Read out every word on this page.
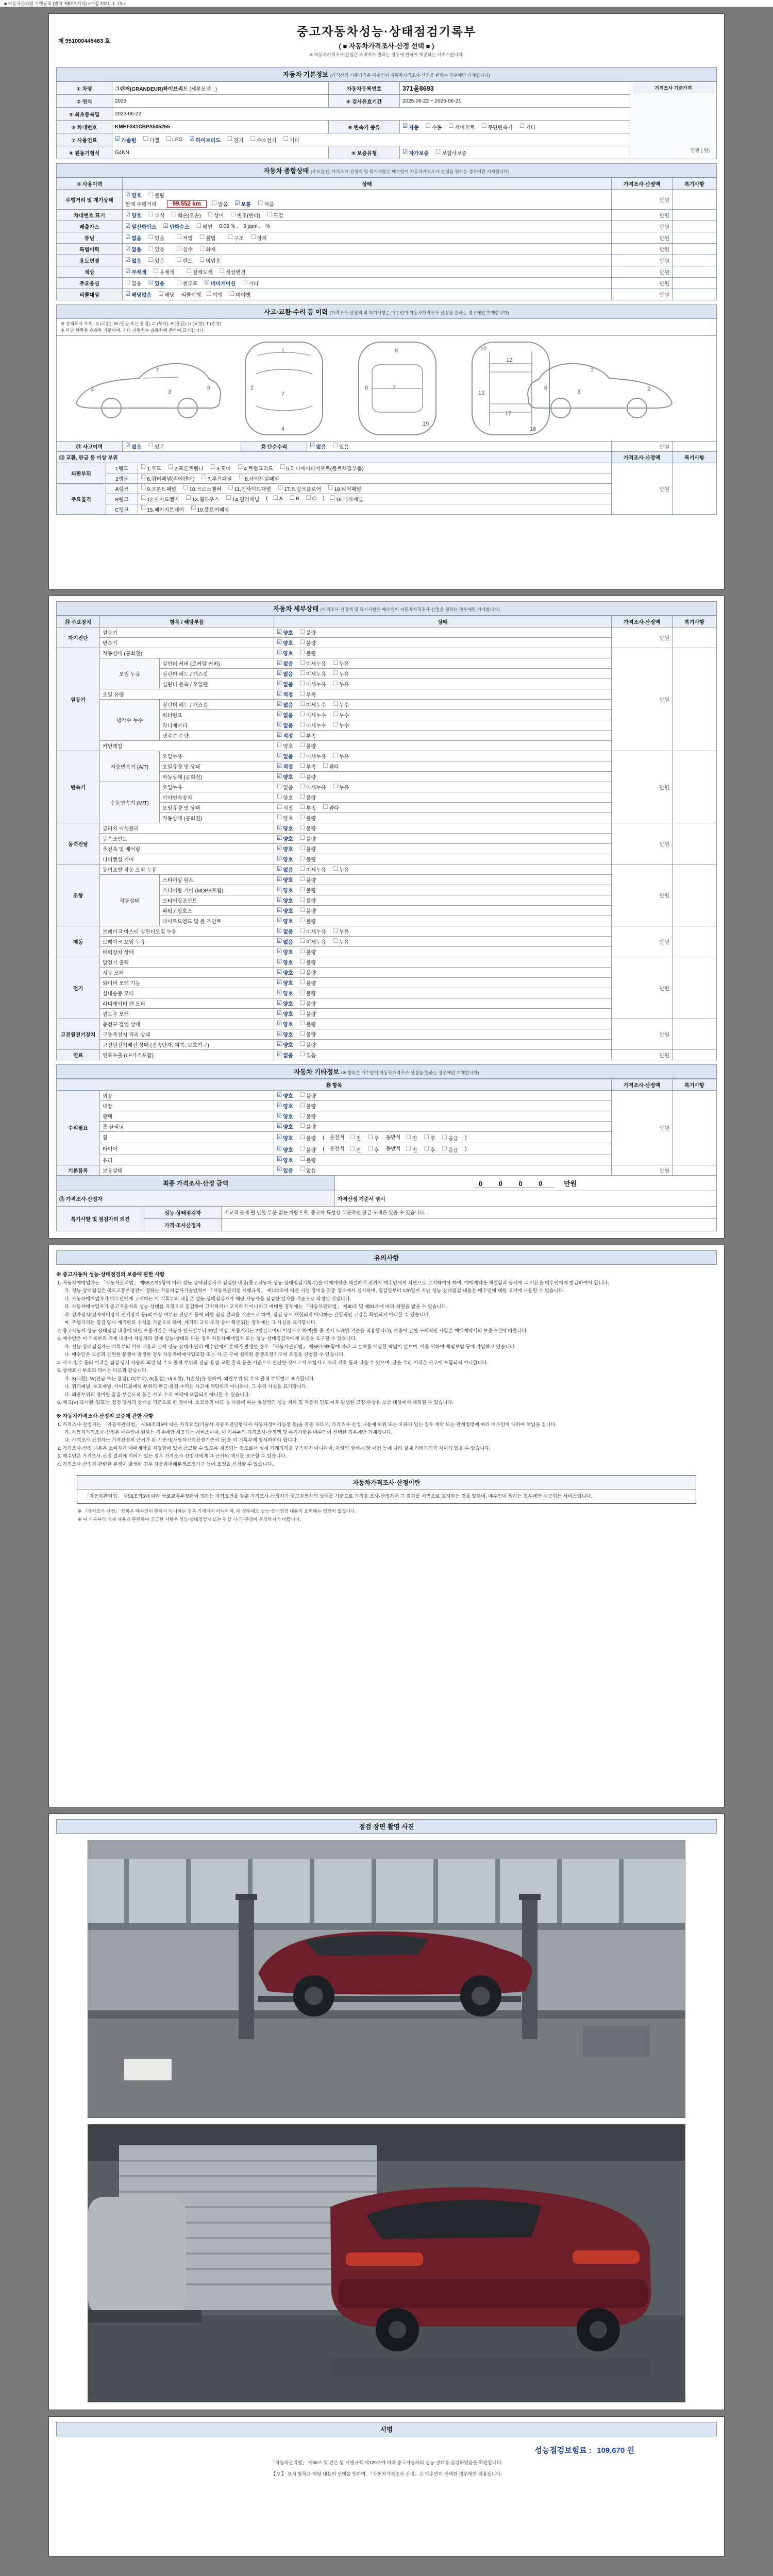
■ 자동차관리법 시행규칙 [별지 제82호서식] <개정 2021. 1. 19.>
제 951000445463 호
중고자동차성능·상태점검기록부
( ■ 자동차가격조사·산정 선택 ■ )
※ 자동차가격조사·산정은 소비자가 원하는 경우에 한하여 제공하는 서비스입니다.
자동차 기본정보 (가격산정 기준가격은 매수인이 자동차가격조사·산정을 원하는 경우에만 기재합니다)
① 차명	그랜저(GRANDEUR)하이브리드 (세부모델 : )	자동차등록번호	371울8693	가격조사 기준가격
만원 ( 원)

② 연식	2023	④ 검사유효기간	2025-06-22 ~ 2026-06-21	
③ 최초등록일	2022-06-22			
⑤ 차대번호	KMHF341CBPA505255	⑥ 변속기 종류	☑ 자동 ☐ 수동 ☐ 세미오토 ☐ 무단변속기 ☐ 기타

⑦ 사용연료	☑ 가솔린 ☐ 디젤 ☐ LPG ☑ 하이브리드 ☐ 전기 ☐ 수소전기 ☐ 기타

⑧ 원동기형식	G4NN	⑨ 보증유형	☑ 자가보증 ☐ 보험사보증	
자동차 종합상태 (주요옵션, 가격조사·산정액 및 특기사항은 매수인이 자동차가격조사·산정을 원하는 경우에만 기재합니다)
⑩ 사용이력	상태	가격조사·산정액	특기사항
주행거리 및 계기상태	
☑ 양호 ☐ 불량
현재 주행거리	99,552 km	☐ 많음 ☑ 보통 ☐ 적음
	만원	
차대번호 표기	☑ 양호 ☐ 부식 ☐ 훼손(오손) ☐ 상이 ☐ 변조(변타) ☐ 도말	만원	
배출가스	☑ 일산화탄소 ☑ 탄화수소 ☐ 매연 0.05 % , 3 ppm , %	만원	
튜닝	☑ 없음 ☐ 있음 ☐ 적법 ☐ 불법 ☐ 구조 ☐ 장치	만원	
특별이력	☑ 없음 ☐ 있음 ☐ 침수 ☐ 화재	만원	
용도변경	☑ 없음 ☐ 있음 ☐ 렌트 ☐ 영업용	만원	
색상	☑ 무채색 ☐ 유채색 ☐ 전체도색 ☐ 색상변경	만원	
주요옵션	☐ 없음 ☑ 있음 ☐ 썬루프 ☑ 네비게이션 ☐ 기타	만원	
리콜대상	☑ 해당없음 ☐ 해당 리콜이행 ☐ 이행 ☐ 미이행	만원	
사고·교환·수리 등 이력 (가격조사·산정액 및 특기사항은 매수인이 자동차가격조사·산정을 원하는 경우에만 기재합니다)
※ 상태표시 부호 : X (교환), W (판금 또는 용접), C (부식), A (흠집), U (요철), T (손상)
※ 하단 항목은 승용차 기준이며, 기타 자동차는 승용차에 준하여 표시합니다.
2
7
3
6
1
2
7
4
9
8	7
19
10
12
13
17
18
2
7
3
6
⑪ 사고이력	☑ 없음 ☐ 있음	⑫ 단순수리	☑ 없음 ☐ 있음	만원	
⑬ 교환, 판금 등 이상 부위			가격조사·산정액	특기사항
외판부위	1랭크	☐ 1.후드 ☐ 2.프론트펜더 ☐ 3.도어 ☐ 4.트렁크리드 ☐ 5.라디에이터서포트(볼트체결부품)
	만원	
2랭크	☐ 6.쿼터패널(리어펜더) ☐ 7.루프패널 ☐ 8.사이드실패널

주요골격	A랭크	☐ 9.프론트패널 ☐ 10.크로스멤버 ☐ 11.인사이드패널 ☐ 17.트렁크플로어 ☐ 18.리어패널

B랭크	☐ 12.사이드멤버 ☐ 13.휠하우스 ☐ 14.필러패널 ( ☐ A ☐ B ☐ C ) ☐ 16.대쉬패널

	C랭크	☐ 15.패키지트레이 ☐ 19.플로어패널		
자동차 세부상태 (가격조사·산정액 및 특기사항은 매수인이 자동차가격조사·산정을 원하는 경우에만 기재합니다)
⑭ 주요장치	항목 / 해당부품		상태	가격조사·산정액	특기사항
자기진단	원동기		☑ 양호 ☐ 불량	만원	
	변속기		☑ 양호 ☐ 불량		

원동기	작동상태 (공회전)		☑ 양호 ☐ 불량	만원	
오일 누유	실린더 커버 (로커암 커버)	☑ 없음 ☐ 미세누유 ☐ 누유

실린더 헤드 / 개스킷	☑ 없음 ☐ 미세누유 ☐ 누유

실린더 블록 / 오일팬	☑ 없음 ☐ 미세누유 ☐ 누유

	오일 유량		☑ 적정 ☐ 부족		

냉각수 누수	실린더 헤드 / 개스킷	☑ 없음 ☐ 미세누수 ☐ 누수

워터펌프	☑ 없음 ☐ 미세누수 ☐ 누수

라디에이터	☑ 없음 ☐ 미세누수 ☐ 누수

		냉각수 수량	☑ 적정 ☐ 부족		

	커먼레일		☐ 양호 ☐ 불량		

변속기	자동변속기 (A/T)	오일누유	☑ 없음 ☐ 미세누유 ☐ 누유
	만원	
오일유량 및 상태	☑ 적정 ☐ 부족 ☐ 과다

		작동상태 (공회전)	☑ 양호 ☐ 불량		

수동변속기 (M/T)	오일누유	☐ 없음 ☐ 미세누유 ☐ 누유

		기어변속장치	☐ 양호 ☐ 불량		

오일유량 및 상태	☐ 적정 ☐ 부족 ☐ 과다

		작동상태 (공회전)	☐ 양호 ☐ 불량		

동력전달	클러치 어셈블리		☑ 양호 ☐ 불량	만원	
	등속조인트		☑ 양호 ☐ 불량		

	추진축 및 베어링		☑ 양호 ☐ 불량		

	디퍼렌셜 기어		☑ 양호 ☐ 불량		

조향	동력조향 작동 오일 누유	☑ 없음 ☐ 미세누유 ☐ 누유
	만원	
	작동상태	스티어링 펌프	☑ 양호 ☐ 불량		

		스티어링 기어 (MDPS포함)	☑ 양호 ☐ 불량		

		스티어링조인트	☑ 양호 ☐ 불량		

		파워고압호스	☑ 양호 ☐ 불량		

		타이로드엔드 및 볼 조인트	☑ 양호 ☐ 불량		

제동	브레이크 마스터 실린더오일 누유	☑ 없음 ☐ 미세누유 ☐ 누유
	만원	
브레이크 오일 누유	☑ 없음 ☐ 미세누유 ☐ 누유

	배력장치 상태		☑ 양호 ☐ 불량		

전기	발전기 출력		☑ 양호 ☐ 불량	만원	
	시동 모터		☑ 양호 ☐ 불량		

	와이퍼 모터 기능		☑ 양호 ☐ 불량		

	실내송풍 모터		☑ 양호 ☐ 불량		

	라디에이터 팬 모터		☑ 양호 ☐ 불량		

	윈도우 모터		☑ 양호 ☐ 불량		

고전원전기장치	충전구 절연 상태		☑ 양호 ☐ 불량	만원	
	구동축전지 격리 상태		☑ 양호 ☐ 불량		

	고전원전기배선 상태 (접속단자, 피복, 보호기구)		☑ 양호 ☐ 불량		

연료	연료누출 (LP가스포함)		☑ 없음 ☐ 있음	만원	
자동차 기타정보 (※ 항목은 매수인이 자동차가격조사·산정을 원하는 경우에만 기재합니다)
⑮ 항목			가격조사·산정액	특기사항
수리필요	외장	☑ 양호 ☐ 불량	만원	
	내장	☑ 양호 ☐ 불량		

	광택	☑ 양호 ☐ 불량		

	룸 클리닝	☑ 양호 ☐ 불량		

휠	☑ 양호 ☐ 불량 ( 운전석 ☐ 전 ☐ 후 동반석 ☐ 전 ☐ 후 ☐ 응급 )
타이어	☑ 양호 ☐ 불량 ( 운전석 ☐ 전 ☐ 후 동반석 ☐ 전 ☐ 후 ☐ 응급 )
	유리	☑ 양호 ☐ 불량		

기본품목	보유상태	☑ 있음 ☐ 없음	만원	
최종 가격조사·산정 금액	0 0 0 0 만원
⑯ 가격조사·산정자	가격산정 기준서 명시
특기사항 및 점검자의 의견	성능·상태점검자	비교적 문제 될 만한 부분 없는 차량으로, 중고차 특성상 부분적인 판금 도색은 있을 수 있습니다.
	가격·조사산정자	
유의사항
※ 중고자동차 성능·상태점검의 보증에 관한 사항
1. 자동차매매업자는 「자동차관리법」 제58조제1항에 따라 성능·상태점검자가 점검한 내용(중고자동차 성능·상태점검기록부)을 매매계약을 체결하기 전까지 매수인에게 서면으로 고지하여야 하며, 매매계약을 체결함과 동시에 그 사본을 매수인에게 발급하여야 합니다.
가. 성능·상태점검은 국토교통부장관이 정하는 자동차검사기술인력이 「자동차관리법 시행규칙」 제120조에 따른 시설·장비를 갖춘 장소에서 실시하며, 점검일부터 120일이 지난 성능·상태점검 내용은 매수인에 대한 고지에 사용할 수 없습니다.
나. 자동차매매업자가 매수인에게 고지하는 이 기록부의 내용은 성능·상태점검자가 해당 자동차를 점검한 일자를 기준으로 작성된 것입니다.
다. 자동차매매업자가 중고자동차의 성능·상태를 거짓으로 점검하여 고지하거나 고지하지 아니하고 매매한 경우에는 「자동차관리법」 제80조 및 제81조에 따라 처벌을 받을 수 있습니다.
라. 전자장치(전자제어장치·전기장치 등)의 이상 여부는 진단기 등에 의한 점검 결과를 기준으로 하며, 점검 당시 재현되지 아니하는 간헐적인 고장은 확인되지 아니할 수 있습니다.
마. 주행거리는 점검 당시 계기판의 수치를 기준으로 하며, 계기의 교체·조작 등이 확인되는 경우에는 그 사실을 표기합니다.
2. 중고자동차 성능·상태점검 내용에 대한 보증기간은 자동차 인도일부터 30일 이상, 보증거리는 2천킬로미터 이상으로 하며(둘 중 먼저 도래한 기준을 적용합니다), 보증에 관한 구체적인 사항은 매매계약서의 보증조건에 따릅니다.
3. 매수인은 이 기록부의 기재 내용이 자동차의 실제 성능·상태와 다른 경우 자동차매매업자 또는 성능·상태점검자에게 보증을 요구할 수 있습니다.
가. 성능·상태점검자는 기록부의 기재 내용과 실제 성능·상태가 달라 매수인에게 손해가 발생한 경우 「자동차관리법」 제58조제5항에 따라 그 손해를 배상할 책임이 있으며, 이를 위하여 책임보험 등에 가입하고 있습니다.
나. 매수인은 보증과 관련한 분쟁이 발생한 경우 자동차매매사업조합 또는 시·군·구에 설치된 분쟁조정기구에 조정을 신청할 수 있습니다.
4. 사고·침수 등의 이력은 점검 당시 차량의 외판 및 주요 골격 부위의 판금·용접·교환 흔적 등을 기준으로 판단한 것으로서 보험사고 처리 기록 등과 다를 수 있으며, 단순 수리 이력은 사고에 포함되지 아니합니다.
5. 상태표시 부호의 의미는 다음과 같습니다.
가. X(교환), W(판금 또는 용접), C(부식), A(흠집), U(요철), T(손상)을 뜻하며, 외판부위 및 주요 골격 부위별로 표기합니다.
나. 쿼터패널, 루프패널, 사이드실패널 부위의 판금·용접 수리는 사고에 해당하지 아니하나, 그 수리 사실을 표기합니다.
다. 외판부위의 경미한 흠집·부분도색 등은 사고·수리 이력에 포함되지 아니할 수 있습니다.
6. 체크(V) 표시된 '양호'는 점검 당시의 상태를 기준으로 한 것이며, 소모품의 마모 등 사용에 따른 통상적인 성능 저하 및 자동차 인도 이후 발생한 고장·손상은 보증 대상에서 제외될 수 있습니다.
※ 자동차가격조사·산정의 보증에 관한 사항
1. 가격조사·산정자는 「자동차관리법」 제58조의5에 따른 자격요건(기술사·자동차진단평가사·자동차정비기능장 등)을 갖춘 자로서, 가격조사·산정 내용에 허위 또는 오류가 있는 경우 계약 또는 관계법령에 따라 매수인에 대하여 책임을 집니다.
가. 자동차가격조사·산정은 매수인이 원하는 경우에만 제공되는 서비스이며, 이 기록부의 가격조사·산정액 및 특기사항은 매수인이 선택한 경우에만 기재됩니다.
나. 가격조사·산정자는 가격산정의 근거가 된 기준서(자동차가격산정기준서 등)를 이 기록부에 명시하여야 합니다.
2. 가격조사·산정 내용은 소비자가 매매계약을 체결함에 있어 참고할 수 있도록 제공되는 것으로서 실제 거래가격을 구속하지 아니하며, 차량의 상태·시장 여건 등에 따라 실제 거래가격과 차이가 있을 수 있습니다.
3. 매수인은 가격조사·산정 결과에 이의가 있는 경우 가격조사·산정자에게 그 근거의 제시를 요구할 수 있습니다.
4. 가격조사·산정과 관련한 분쟁이 발생한 경우 자동차매매분쟁조정기구 등에 조정을 신청할 수 있습니다.
자동차가격조사·산정이란
「자동차관리법」 제58조의5에 따라 국토교통부장관이 정하는 자격요건을 갖춘 가격조사·산정자가 중고자동차의 상태를 기준으로 가격을 조사·산정하여 그 결과를 서면으로 고지하는 것을 말하며, 매수인이 원하는 경우에만 제공되는 서비스입니다.
※ 『가격조사·산정』 항목은 매수인이 원하지 아니하는 경우 기재되지 아니하며, 이 경우에도 성능·상태점검 내용의 효력에는 영향이 없습니다.
※ 이 기록부의 기재 내용과 관련하여 궁금한 사항은 성능·상태점검자 또는 관할 시·군·구청에 문의하시기 바랍니다.
점검 장면 촬영 사진
서명
성능점검보험료 : 109,670 원
「자동차관리법」 제58조 및 같은 법 시행규칙 제120조에 따라 중고자동차의 성능·상태를 점검하였음을 확인합니다.
【 V 】 표시 항목은 해당 내용의 선택을 뜻하며, 『자동차가격조사·산정』은 매수인이 선택한 경우에만 적용됩니다.
